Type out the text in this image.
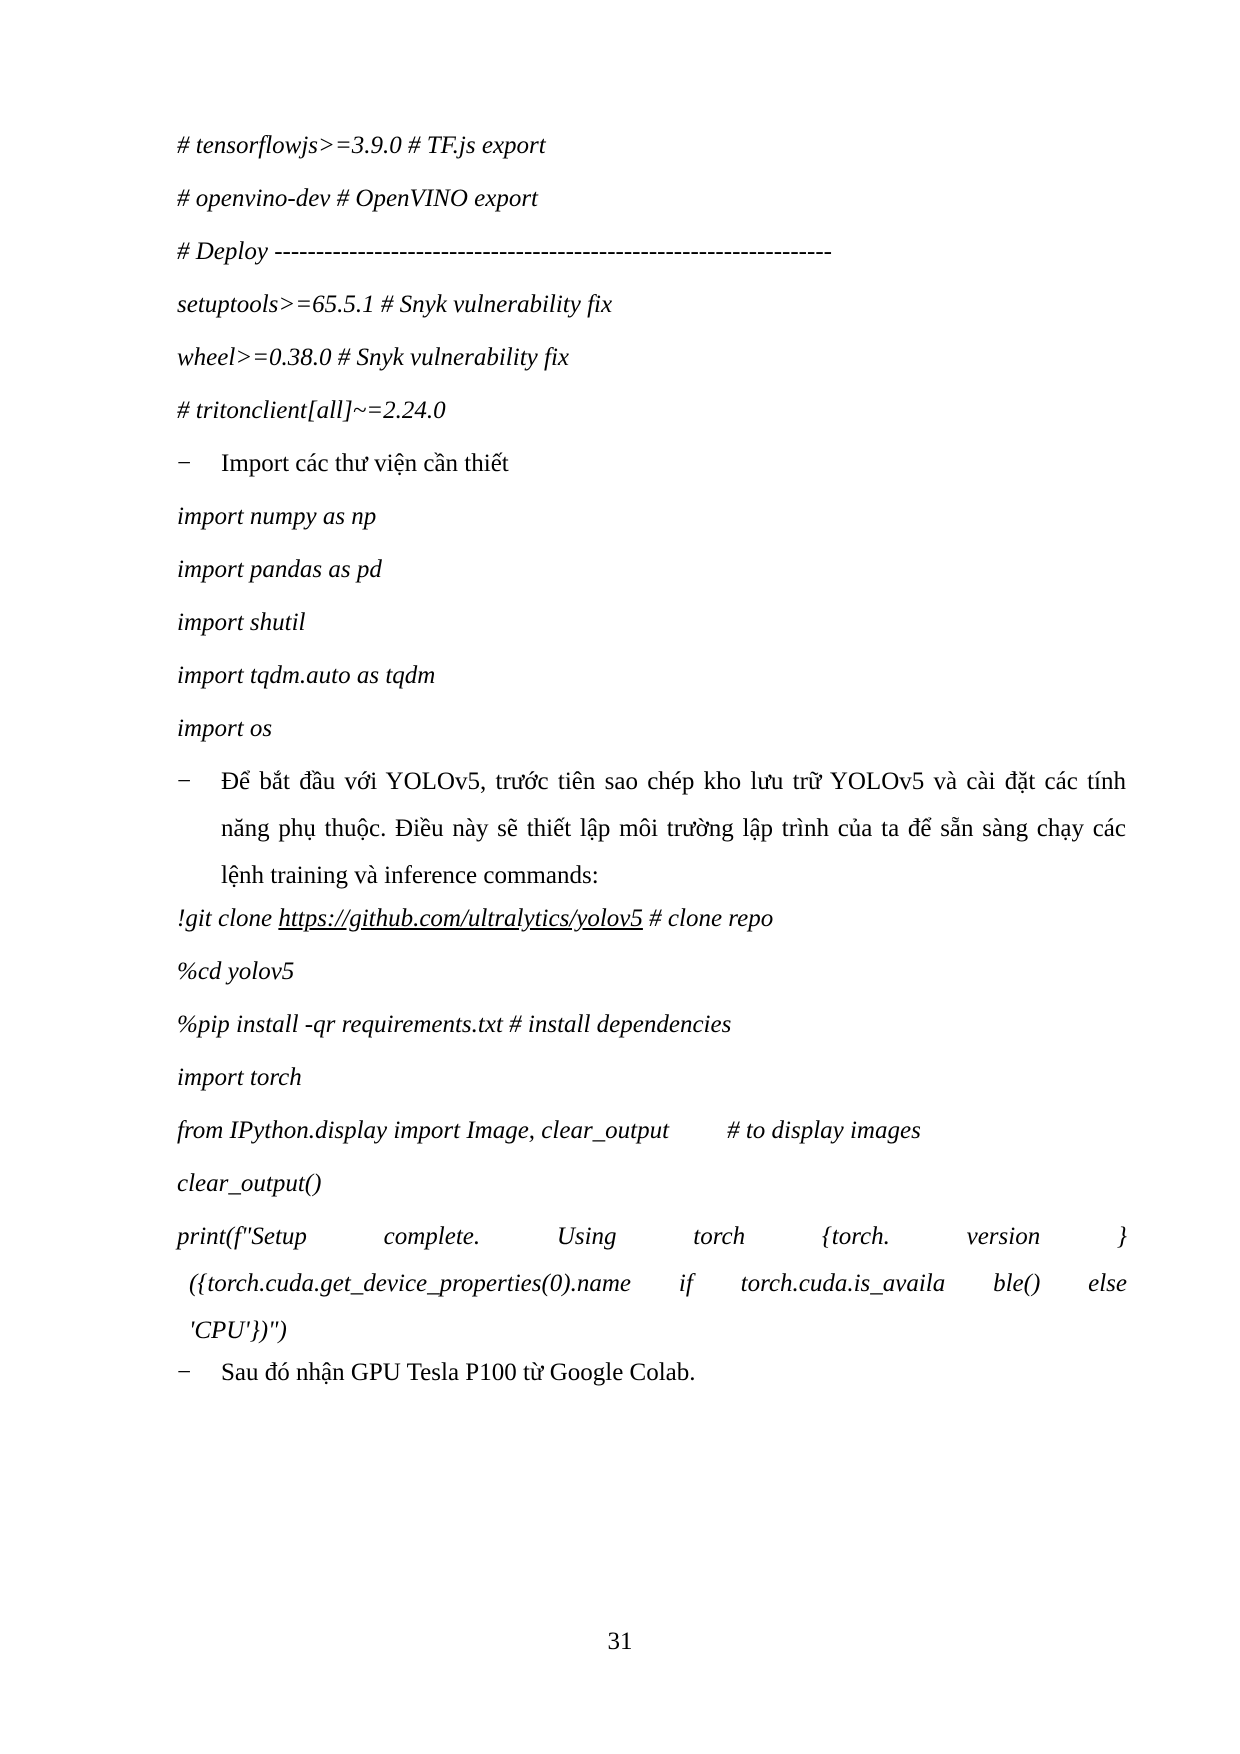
# tensorflowjs>=3.9.0 # TF.js export
# openvino-dev # OpenVINO export
# Deploy -------------------------------------------------------------------
setuptools>=65.5.1 # Snyk vulnerability fix
wheel>=0.38.0 # Snyk vulnerability fix
# tritonclient[all]~=2.24.0
− Import các thư viện cần thiết
import numpy as np
import pandas as pd
import shutil
import tqdm.auto as tqdm
import os
− Để bắt đầu với YOLOv5, trước tiên sao chép kho lưu trữ YOLOv5 và cài đặt các tính năng phụ thuộc. Điều này sẽ thiết lập môi trường lập trình của ta để sẵn sàng chạy các lệnh training và inference commands:
!git clone https://github.com/ultralytics/yolov5 # clone repo
%cd yolov5
%pip install -qr requirements.txt # install dependencies
import torch
from IPython.display import Image, clear_output # to display images
clear_output()
print(f"Setup	complete.	Using	torch	{torch.	version	}
({torch.cuda.get_device_properties(0).name if torch.cuda.is_availa ble() else
'CPU'})")
− Sau đó nhận GPU Tesla P100 từ Google Colab.
31
